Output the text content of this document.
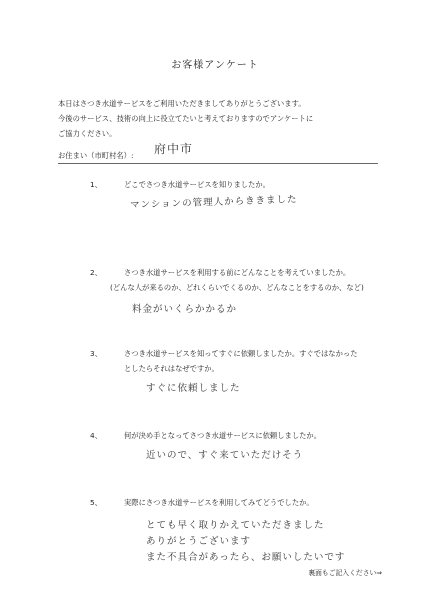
お客様アンケート
本日はさつき水道サービスをご利用いただきましてありがとうございます。
今後のサービス、技術の向上に役立てたいと考えておりますのでアンケートに
ご協力ください。
お住まい（市町村名）: 府中市
1、	どこでさつき水道サービスを知りましたか。
マンションの管理人からききました
2、	さつき水道サービスを利用する前にどんなことを考えていましたか。
(どんな人が来るのか、どれくらいでくるのか、どんなことをするのか、など)
料金がいくらかかるか
3、	さつき水道サービスを知ってすぐに依頼しましたか。すぐではなかった
としたらそれはなぜですか。
すぐに依頼しました
4、	何が決め手となってさつき水道サービスに依頼しましたか。
近いので、すぐ来ていただけそう
5、	実際にさつき水道サービスを利用してみてどうでしたか。
とても早く取りかえていただきました
ありがとうございます
また不具合があったら、お願いしたいです
裏面もご記入ください⇒
